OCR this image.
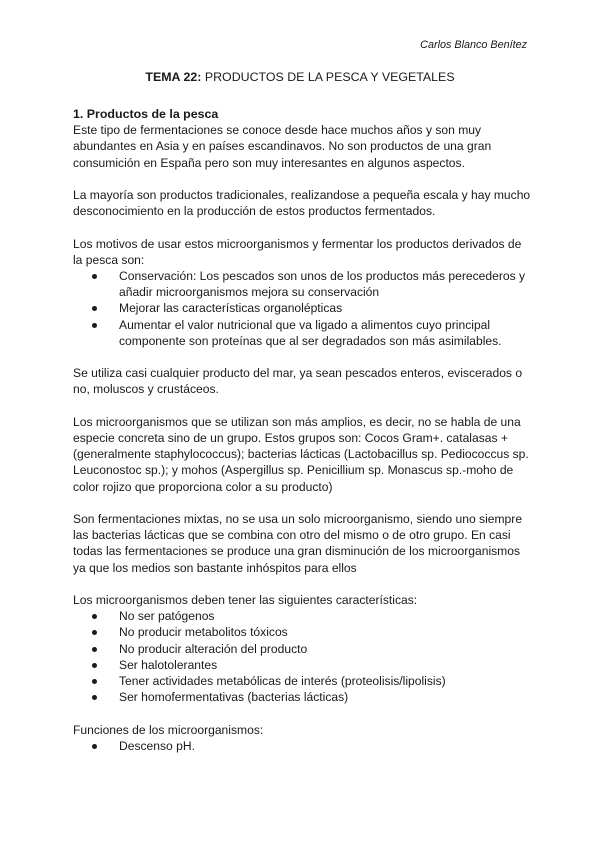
Carlos Blanco Benítez
TEMA 22: PRODUCTOS DE LA PESCA Y VEGETALES
1. Productos de la pesca

Este tipo de fermentaciones se conoce desde hace muchos años y son muy abundantes en Asia y en países escandinavos. No son productos de una gran consumición en España pero son muy interesantes en algunos aspectos.

La mayoría son productos tradicionales, realizandose a pequeña escala y hay mucho desconocimiento en la producción de estos productos fermentados.

Los motivos de usar estos microorganismos y fermentar los productos derivados de la pesca son:

Conservación: Los pescados son unos de los productos más perecederos y añadir microorganismos mejora su conservación
Mejorar las características organolépticas
Aumentar el valor nutricional que va ligado a alimentos cuyo principal componente son proteínas que al ser degradados son más asimilables.

Se utiliza casi cualquier producto del mar, ya sean pescados enteros, eviscerados o no, moluscos y crustáceos.

Los microorganismos que se utilizan son más amplios, es decir, no se habla de una especie concreta sino de un grupo. Estos grupos son: Cocos Gram+. catalasas + (generalmente staphylococcus); bacterias lácticas (Lactobacillus sp. Pediococcus sp. Leuconostoc sp.); y mohos (Aspergillus sp. Penicillium sp. Monascus sp.-moho de color rojizo que proporciona color a su producto)

Son fermentaciones mixtas, no se usa un solo microorganismo, siendo uno siempre las bacterias lácticas que se combina con otro del mismo o de otro grupo. En casi todas las fermentaciones se produce una gran disminución de los microorganismos ya que los medios son bastante inhóspitos para ellos

Los microorganismos deben tener las siguientes características:

No ser patógenos
No producir metabolitos tóxicos
No producir alteración del producto
Ser halotolerantes
Tener actividades metabólicas de interés (proteolisis/lipolisis)
Ser homofermentativas (bacterias lácticas)

Funciones de los microorganismos:

Descenso pH.
